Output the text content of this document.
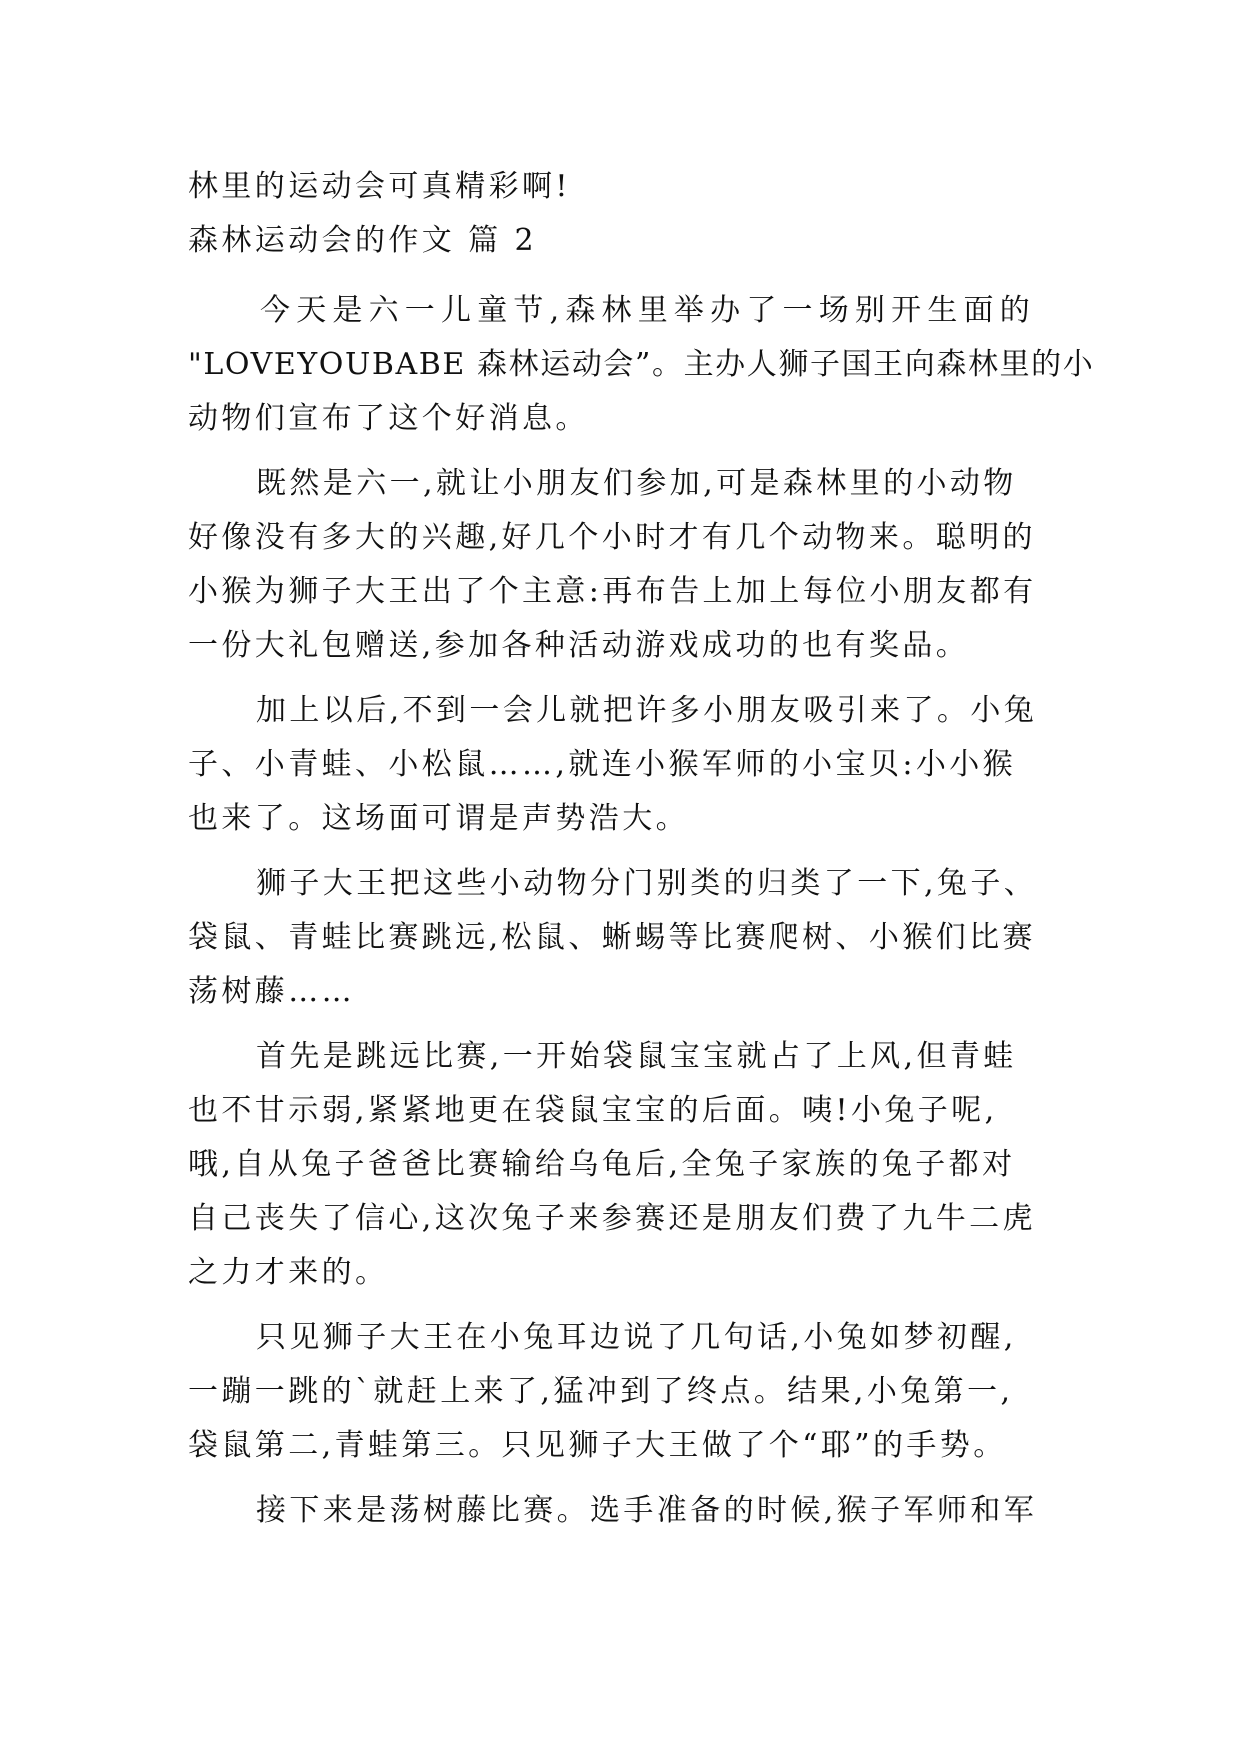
林里的运动会可真精彩啊!
森林运动会的作文 篇 2
今天是六一儿童节,森林里举办了一场别开生面的
"LOVEYOUBABE 森林运动会”。主办人狮子国王向森林里的小
动物们宣布了这个好消息。
既然是六一,就让小朋友们参加,可是森林里的小动物
好像没有多大的兴趣,好几个小时才有几个动物来。聪明的
小猴为狮子大王出了个主意:再布告上加上每位小朋友都有
一份大礼包赠送,参加各种活动游戏成功的也有奖品。
加上以后,不到一会儿就把许多小朋友吸引来了。小兔
子、小青蛙、小松鼠……,就连小猴军师的小宝贝:小小猴
也来了。这场面可谓是声势浩大。
狮子大王把这些小动物分门别类的归类了一下,兔子、
袋鼠、青蛙比赛跳远,松鼠、蜥蜴等比赛爬树、小猴们比赛
荡树藤……
首先是跳远比赛,一开始袋鼠宝宝就占了上风,但青蛙
也不甘示弱,紧紧地更在袋鼠宝宝的后面。咦!小兔子呢,
哦,自从兔子爸爸比赛输给乌龟后,全兔子家族的兔子都对
自己丧失了信心,这次兔子来参赛还是朋友们费了九牛二虎
之力才来的。
只见狮子大王在小兔耳边说了几句话,小兔如梦初醒,
一蹦一跳的`就赶上来了,猛冲到了终点。结果,小兔第一,
袋鼠第二,青蛙第三。只见狮子大王做了个“耶”的手势。
接下来是荡树藤比赛。选手准备的时候,猴子军师和军
